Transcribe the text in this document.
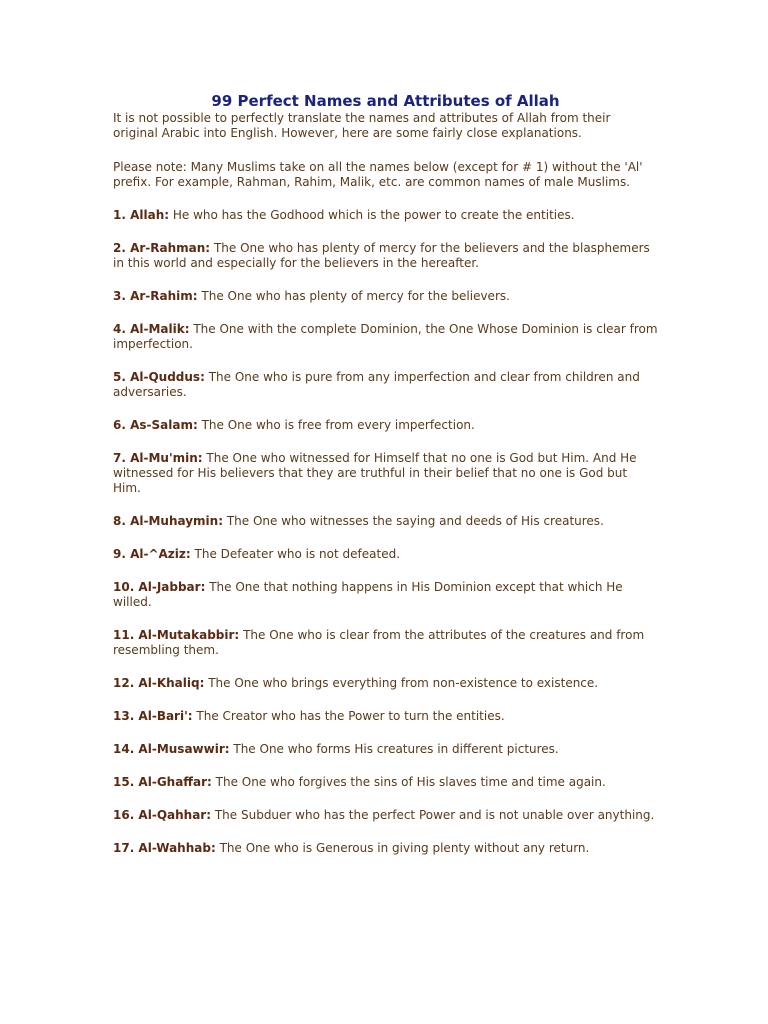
99 Perfect Names and Attributes of Allah

It is not possible to perfectly translate the names and attributes of Allah from their original Arabic into English. However, here are some fairly close explanations.

Please note: Many Muslims take on all the names below (except for # 1) without the 'Al' prefix. For example, Rahman, Rahim, Malik, etc. are common names of male Muslims.

1. Allah: He who has the Godhood which is the power to create the entities.

2. Ar-Rahman: The One who has plenty of mercy for the believers and the blasphemers in this world and especially for the believers in the hereafter.

3. Ar-Rahim: The One who has plenty of mercy for the believers.

4. Al-Malik: The One with the complete Dominion, the One Whose Dominion is clear from imperfection.

5. Al-Quddus: The One who is pure from any imperfection and clear from children and adversaries.

6. As-Salam: The One who is free from every imperfection.

7. Al-Mu'min: The One who witnessed for Himself that no one is God but Him. And He witnessed for His believers that they are truthful in their belief that no one is God but Him.

8. Al-Muhaymin: The One who witnesses the saying and deeds of His creatures.

9. Al-^Aziz: The Defeater who is not defeated.

10. Al-Jabbar: The One that nothing happens in His Dominion except that which He willed.

11. Al-Mutakabbir: The One who is clear from the attributes of the creatures and from resembling them.

12. Al-Khaliq: The One who brings everything from non-existence to existence.

13. Al-Bari': The Creator who has the Power to turn the entities.

14. Al-Musawwir: The One who forms His creatures in different pictures.

15. Al-Ghaffar: The One who forgives the sins of His slaves time and time again.

16. Al-Qahhar: The Subduer who has the perfect Power and is not unable over anything.

17. Al-Wahhab: The One who is Generous in giving plenty without any return.
